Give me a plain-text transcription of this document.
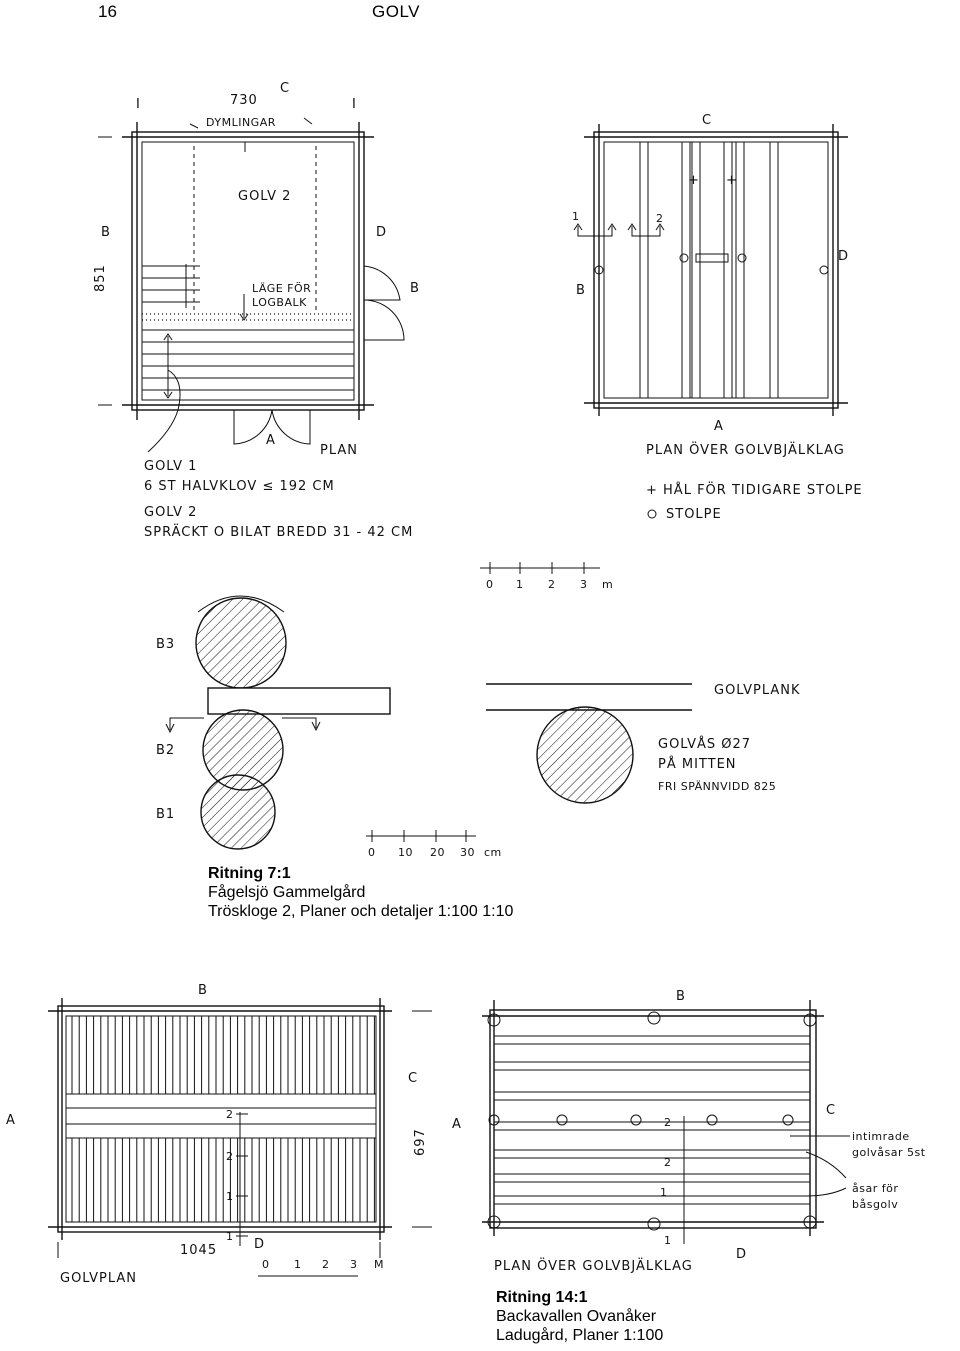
16	GOLV
730
C
DYMLINGAR
I	I
B	D
851
GOLV 2
LÄGE FÖR
LOGBALK
B
A
PLAN
GOLV 1
6 ST HALVKLOV ≤ 192 CM
GOLV 2
SPRÄCKT O BILAT BREDD 31 - 42 CM
+ +
C
B
D
A
1	2
PLAN ÖVER GOLVBJÄLKLAG
+ HÅL FÖR TIDIGARE STOLPE
STOLPE
0 1 2 3 m
B3
B2
B1
GOLVPLANK
GOLVÅS Ø27
PÅ MITTEN
FRI SPÄNNVIDD 825
0 10 20 30 cm
2
2
1
1
B
A
C
D
697
1045
GOLVPLAN
0 1 2 3 M
2
2
1
1
B
A
C
D
intimrade
golvåsar 5st
åsar för
båsgolv
PLAN ÖVER GOLVBJÄLKLAG
Ritning 7:1
Fågelsjö Gammelgård
Tröskloge 2, Planer och detaljer 1:100 1:10
Ritning 14:1
Backavallen Ovanåker
Ladugård, Planer 1:100
